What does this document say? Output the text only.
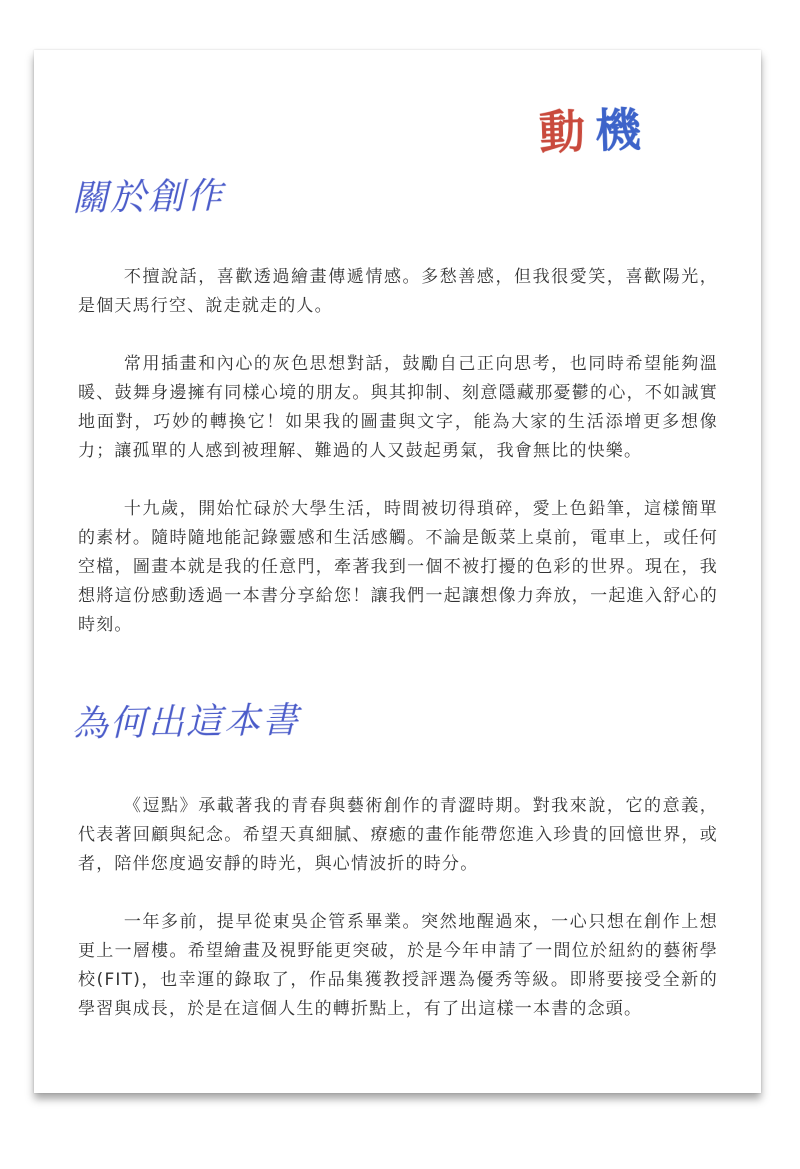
動機
關於創作

不擅說話，喜歡透過繪畫傳遞情感。多愁善感，但我很愛笑，喜歡陽光，是個天馬行空、說走就走的人。

常用插畫和內心的灰色思想對話，鼓勵自己正向思考，也同時希望能夠溫暖、鼓舞身邊擁有同樣心境的朋友。與其抑制、刻意隱藏那憂鬱的心，不如誠實地面對，巧妙的轉換它！如果我的圖畫與文字，能為大家的生活添增更多想像力；讓孤單的人感到被理解、難過的人又鼓起勇氣，我會無比的快樂。

十九歲，開始忙碌於大學生活，時間被切得瑣碎，愛上色鉛筆，這樣簡單的素材。隨時隨地能記錄靈感和生活感觸。不論是飯菜上桌前，電車上，或任何空檔，圖畫本就是我的任意門，牽著我到一個不被打擾的色彩的世界。現在，我想將這份感動透過一本書分享給您！讓我們一起讓想像力奔放，一起進入舒心的時刻。

為何出這本書

《逗點》承載著我的青春與藝術創作的青澀時期。對我來說，它的意義，代表著回顧與紀念。希望天真細膩、療癒的畫作能帶您進入珍貴的回憶世界，或者，陪伴您度過安靜的時光，與心情波折的時分。

一年多前，提早從東吳企管系畢業。突然地醒過來，一心只想在創作上想更上一層樓。希望繪畫及視野能更突破，於是今年申請了一間位於紐約的藝術學校(FIT)，也幸運的錄取了，作品集獲教授評選為優秀等級。即將要接受全新的學習與成長，於是在這個人生的轉折點上，有了出這樣一本書的念頭。
